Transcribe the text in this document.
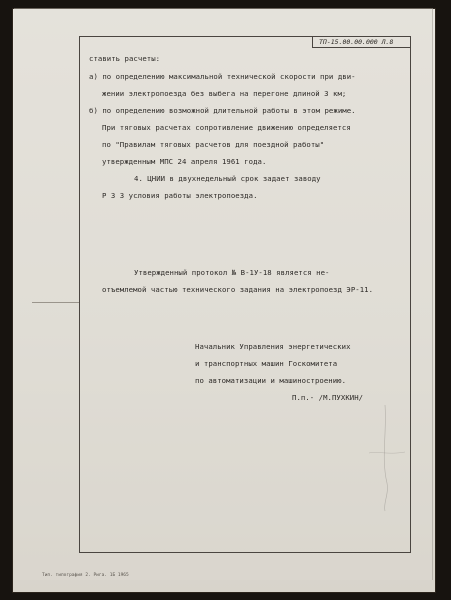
ТП-15.00.00.000 Л.8
ставить расчеты:
а) по определению максимальной технической скорости при дви-
жении электропоезда без выбега на перегоне длиной 3 км;
б) по определению возможной длительной работы в этом режиме.
При тяговых расчетах сопротивление движению определяется
по "Правилам тяговых расчетов для поездной работы"
утвержденным МПС 24 апреля 1961 года.
4. ЦНИИ в двухнедельный срок задает заводу
Р З З условия работы электропоезда.
Утвержденный протокол № В-1У-18 является не-
отъемлемой частью технического задания на электропоезд ЭР-11.
Начальник Управления энергетических
и транспортных машин Госкомитета
по автоматизации и машиностроению.
П.п.- /М.ПУХКИН/
Тип. типография 2. Рига. 1Б 1965
